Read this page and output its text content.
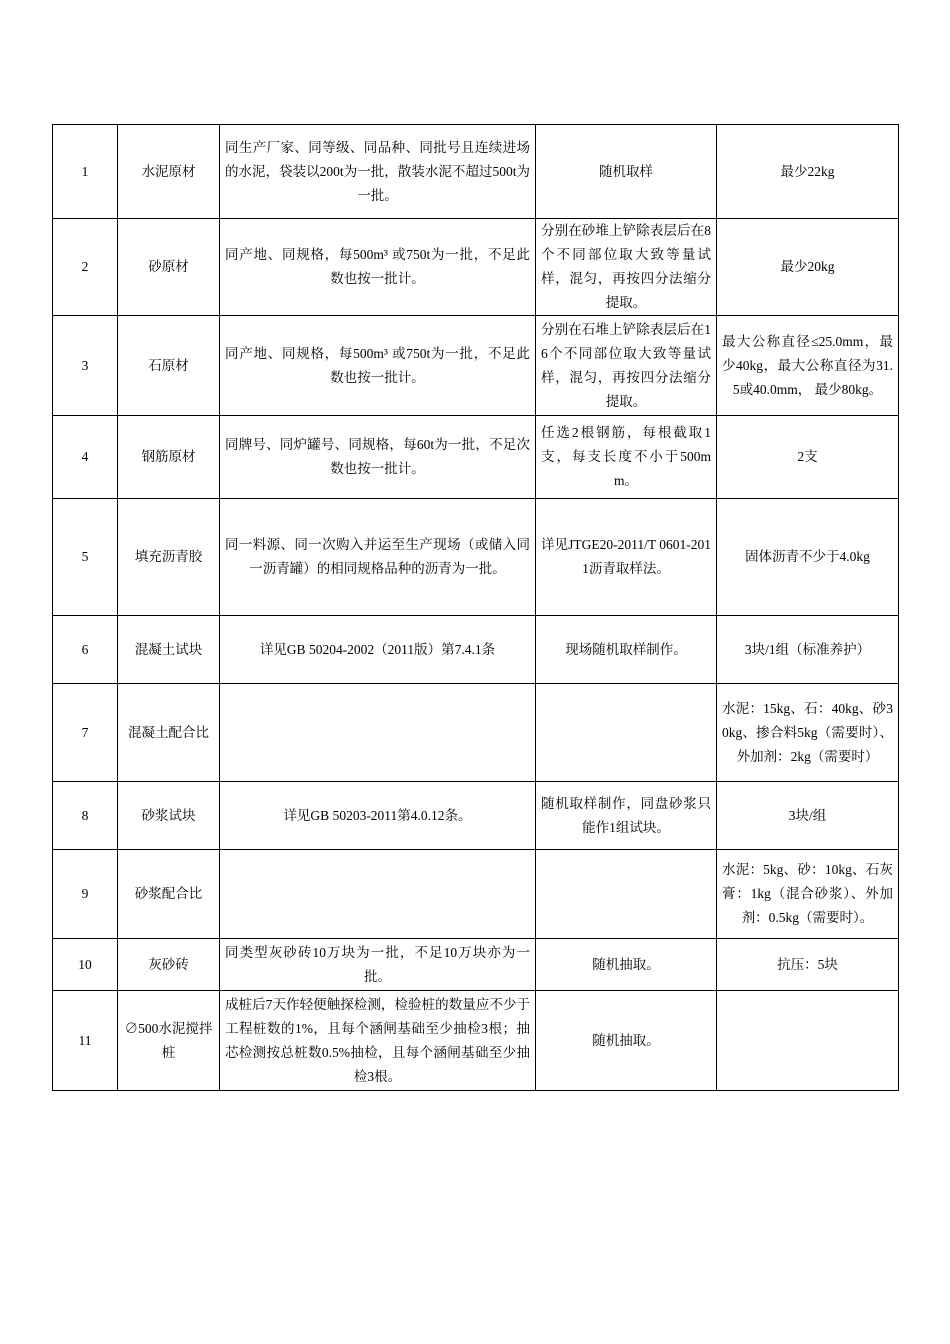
1	水泥原材	同生产厂家、同等级、同品种、同批号且连续进场的水泥，袋装以200t为一批，散装水泥不超过500t为一批。	随机取样	最少22kg
2	砂原材	同产地、同规格，每500m³ 或750t为一批，不足此数也按一批计。	分别在砂堆上铲除表层后在8个不同部位取大致等量试样，混匀，再按四分法缩分提取。	最少20kg
3	石原材	同产地、同规格，每500m³ 或750t为一批，不足此数也按一批计。	分别在石堆上铲除表层后在16个不同部位取大致等量试样，混匀，再按四分法缩分提取。	最大公称直径≤25.0mm，最少40kg，最大公称直径为31.5或40.0mm， 最少80kg。
4	钢筋原材	同牌号、同炉罐号、同规格，每60t为一批，不足次数也按一批计。	任选2根钢筋，每根截取1支，每支长度不小于500mm。	2支
5	填充沥青胶	同一料源、同一次购入并运至生产现场（或储入同一沥青罐）的相同规格品种的沥青为一批。	详见JTGE20-2011/T 0601-2011沥青取样法。	固体沥青不少于4.0kg
6	混凝土试块	详见GB 50204-2002（2011版）第7.4.1条	现场随机取样制作。	3块/1组（标准养护）
7	混凝土配合比			水泥：15kg、石：40kg、砂30kg、掺合料5kg（需要时）、外加剂：2kg（需要时）
8	砂浆试块	详见GB 50203-2011第4.0.12条。	随机取样制作，同盘砂浆只能作1组试块。	3块/组
9	砂浆配合比			水泥：5kg、砂：10kg、石灰膏：1kg（混合砂浆）、外加剂：0.5kg（需要时）。
10	灰砂砖	同类型灰砂砖10万块为一批，不足10万块亦为一批。	随机抽取。	抗压：5块
11	∅500水泥搅拌桩	成桩后7天作轻便触探检测，检验桩的数量应不少于工程桩数的1%，且每个涵闸基础至少抽检3根；抽芯检测按总桩数0.5%抽检，且每个涵闸基础至少抽检3根。	随机抽取。	
